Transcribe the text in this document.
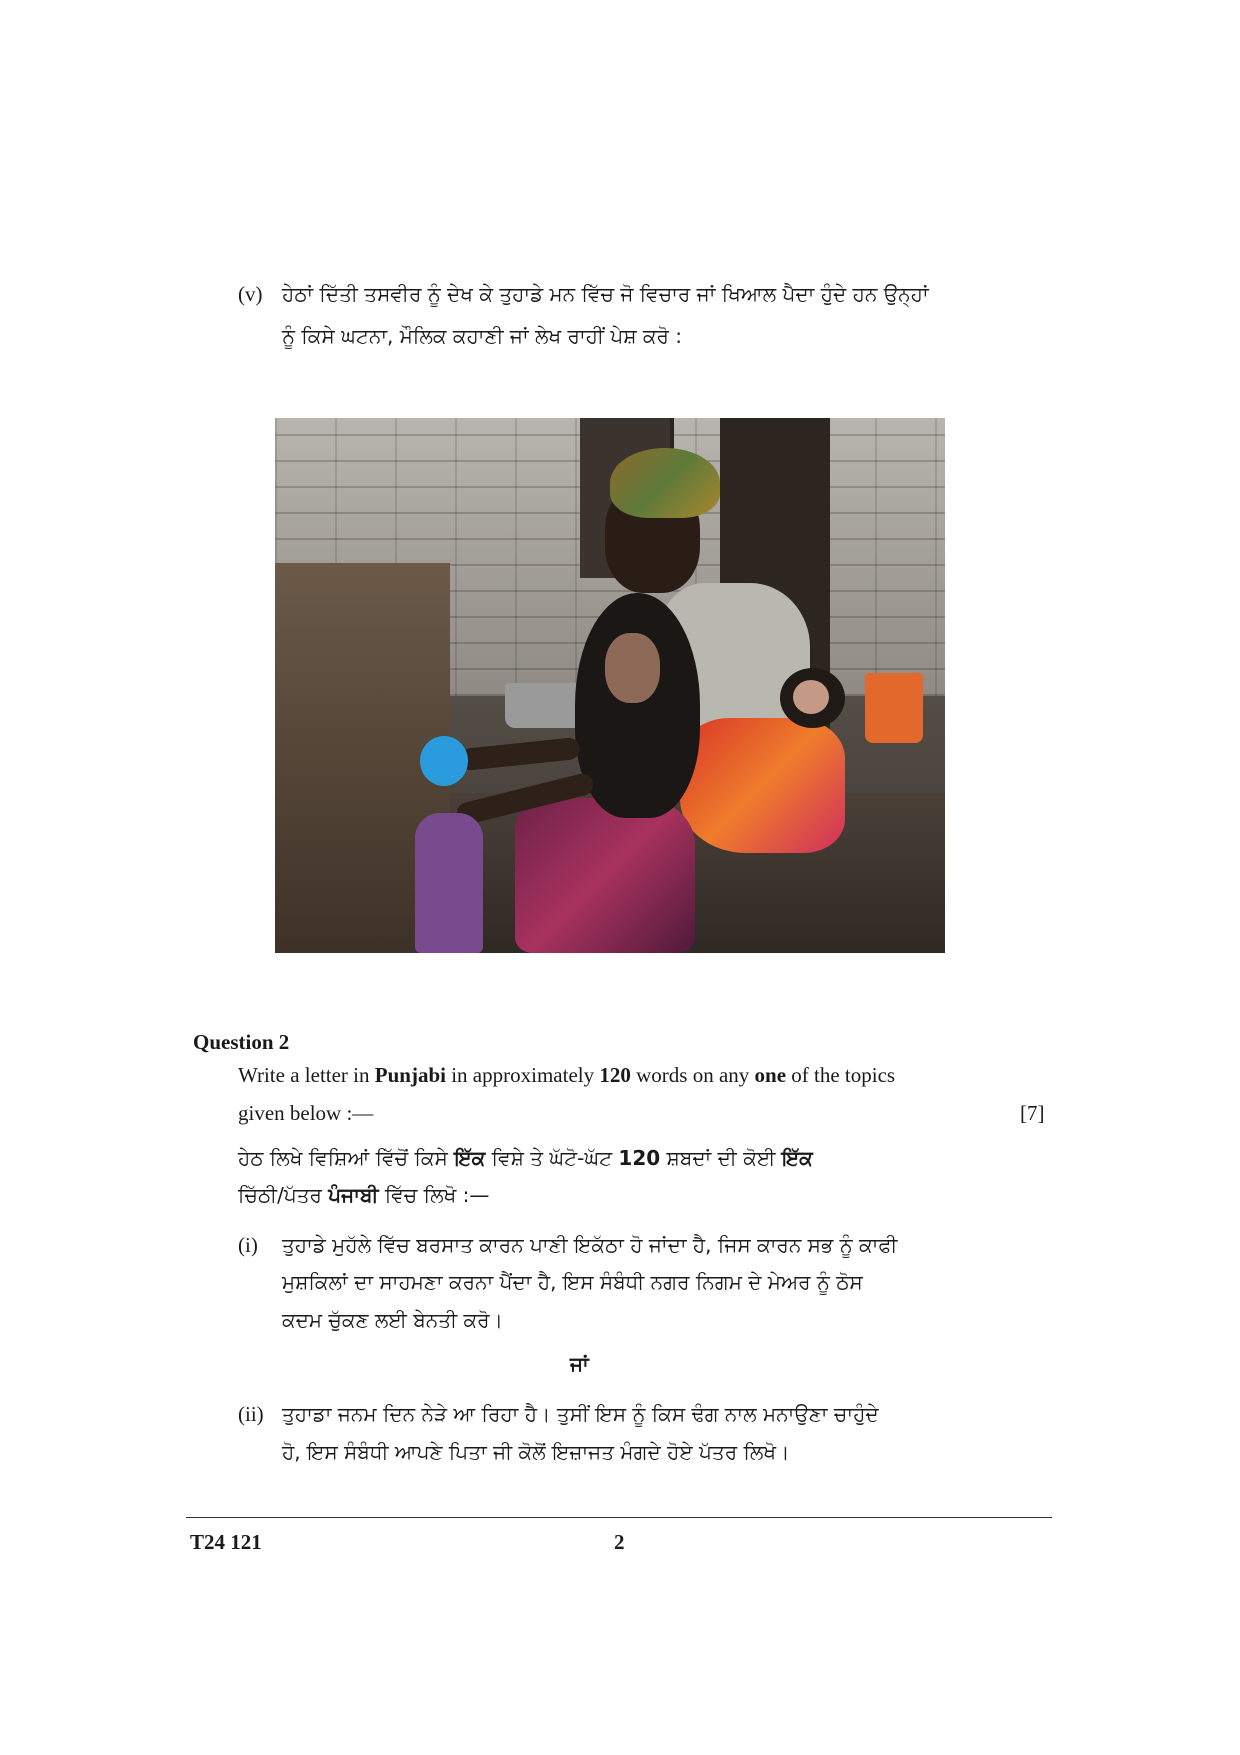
(v) ਹੇਠਾਂ ਦਿੱਤੀ ਤਸਵੀਰ ਨੂੰ ਦੇਖ ਕੇ ਤੁਹਾਡੇ ਮਨ ਵਿੱਚ ਜੋ ਵਿਚਾਰ ਜਾਂ ਖਿਆਲ ਪੈਦਾ ਹੁੰਦੇ ਹਨ ਉਨ੍ਹਾਂ
ਨੂੰ ਕਿਸੇ ਘਟਨਾ, ਮੌਲਿਕ ਕਹਾਣੀ ਜਾਂ ਲੇਖ ਰਾਹੀਂ ਪੇਸ਼ ਕਰੋ :
Question 2
Write a letter in Punjabi in approximately 120 words on any one of the topics
given below :—	[7]
ਹੇਠ ਲਿਖੇ ਵਿਸ਼ਿਆਂ ਵਿੱਚੋਂ ਕਿਸੇ ਇੱਕ ਵਿਸ਼ੇ ਤੇ ਘੱਟੋ-ਘੱਟ 120 ਸ਼ਬਦਾਂ ਦੀ ਕੋਈ ਇੱਕ
ਚਿੱਠੀ/ਪੱਤਰ ਪੰਜਾਬੀ ਵਿੱਚ ਲਿਖੋ :—
(i) ਤੁਹਾਡੇ ਮੁਹੱਲੇ ਵਿੱਚ ਬਰਸਾਤ ਕਾਰਨ ਪਾਣੀ ਇਕੱਠਾ ਹੋ ਜਾਂਦਾ ਹੈ, ਜਿਸ ਕਾਰਨ ਸਭ ਨੂੰ ਕਾਫੀ
ਮੁਸ਼ਕਿਲਾਂ ਦਾ ਸਾਹਮਣਾ ਕਰਨਾ ਪੈਂਦਾ ਹੈ, ਇਸ ਸੰਬੰਧੀ ਨਗਰ ਨਿਗਮ ਦੇ ਮੇਅਰ ਨੂੰ ਠੋਸ
ਕਦਮ ਚੁੱਕਣ ਲਈ ਬੇਨਤੀ ਕਰੋ।
ਜਾਂ
(ii) ਤੁਹਾਡਾ ਜਨਮ ਦਿਨ ਨੇੜੇ ਆ ਰਿਹਾ ਹੈ। ਤੁਸੀਂ ਇਸ ਨੂੰ ਕਿਸ ਢੰਗ ਨਾਲ ਮਨਾਉਣਾ ਚਾਹੁੰਦੇ
ਹੋ, ਇਸ ਸੰਬੰਧੀ ਆਪਣੇ ਪਿਤਾ ਜੀ ਕੋਲੋਂ ਇਜ਼ਾਜਤ ਮੰਗਦੇ ਹੋਏ ਪੱਤਰ ਲਿਖੋ।
T24 121	2
